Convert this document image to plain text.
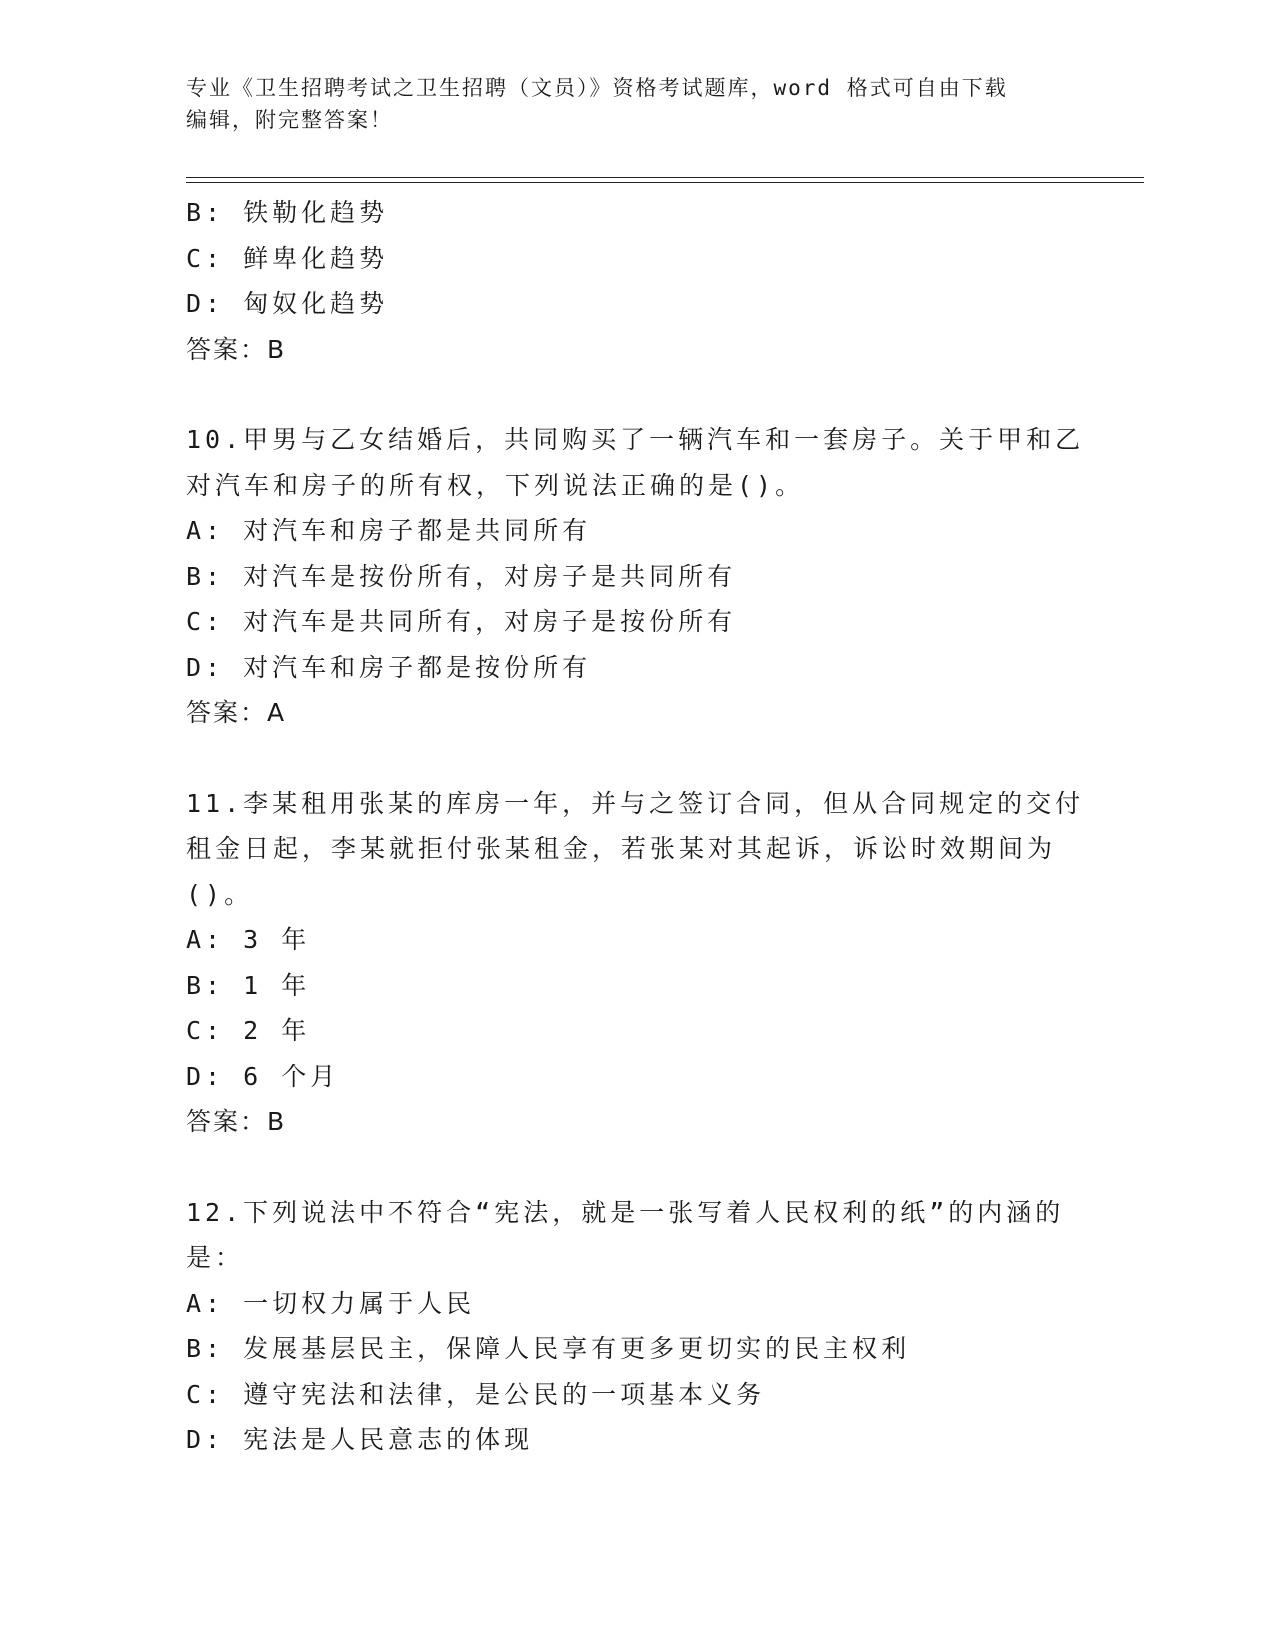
专业《卫生招聘考试之卫生招聘（文员）》资格考试题库，word 格式可自由下载
编辑，附完整答案！
B: 铁勒化趋势
C: 鲜卑化趋势
D: 匈奴化趋势
答案：B
10.甲男与乙女结婚后，共同购买了一辆汽车和一套房子。关于甲和乙
对汽车和房子的所有权，下列说法正确的是()。
A: 对汽车和房子都是共同所有
B: 对汽车是按份所有，对房子是共同所有
C: 对汽车是共同所有，对房子是按份所有
D: 对汽车和房子都是按份所有
答案：A
11.李某租用张某的库房一年，并与之签订合同，但从合同规定的交付
租金日起，李某就拒付张某租金，若张某对其起诉，诉讼时效期间为
()。
A: 3 年
B: 1 年
C: 2 年
D: 6 个月
答案：B
12.下列说法中不符合“宪法，就是一张写着人民权利的纸”的内涵的
是：
A: 一切权力属于人民
B: 发展基层民主，保障人民享有更多更切实的民主权利
C: 遵守宪法和法律，是公民的一项基本义务
D: 宪法是人民意志的体现
